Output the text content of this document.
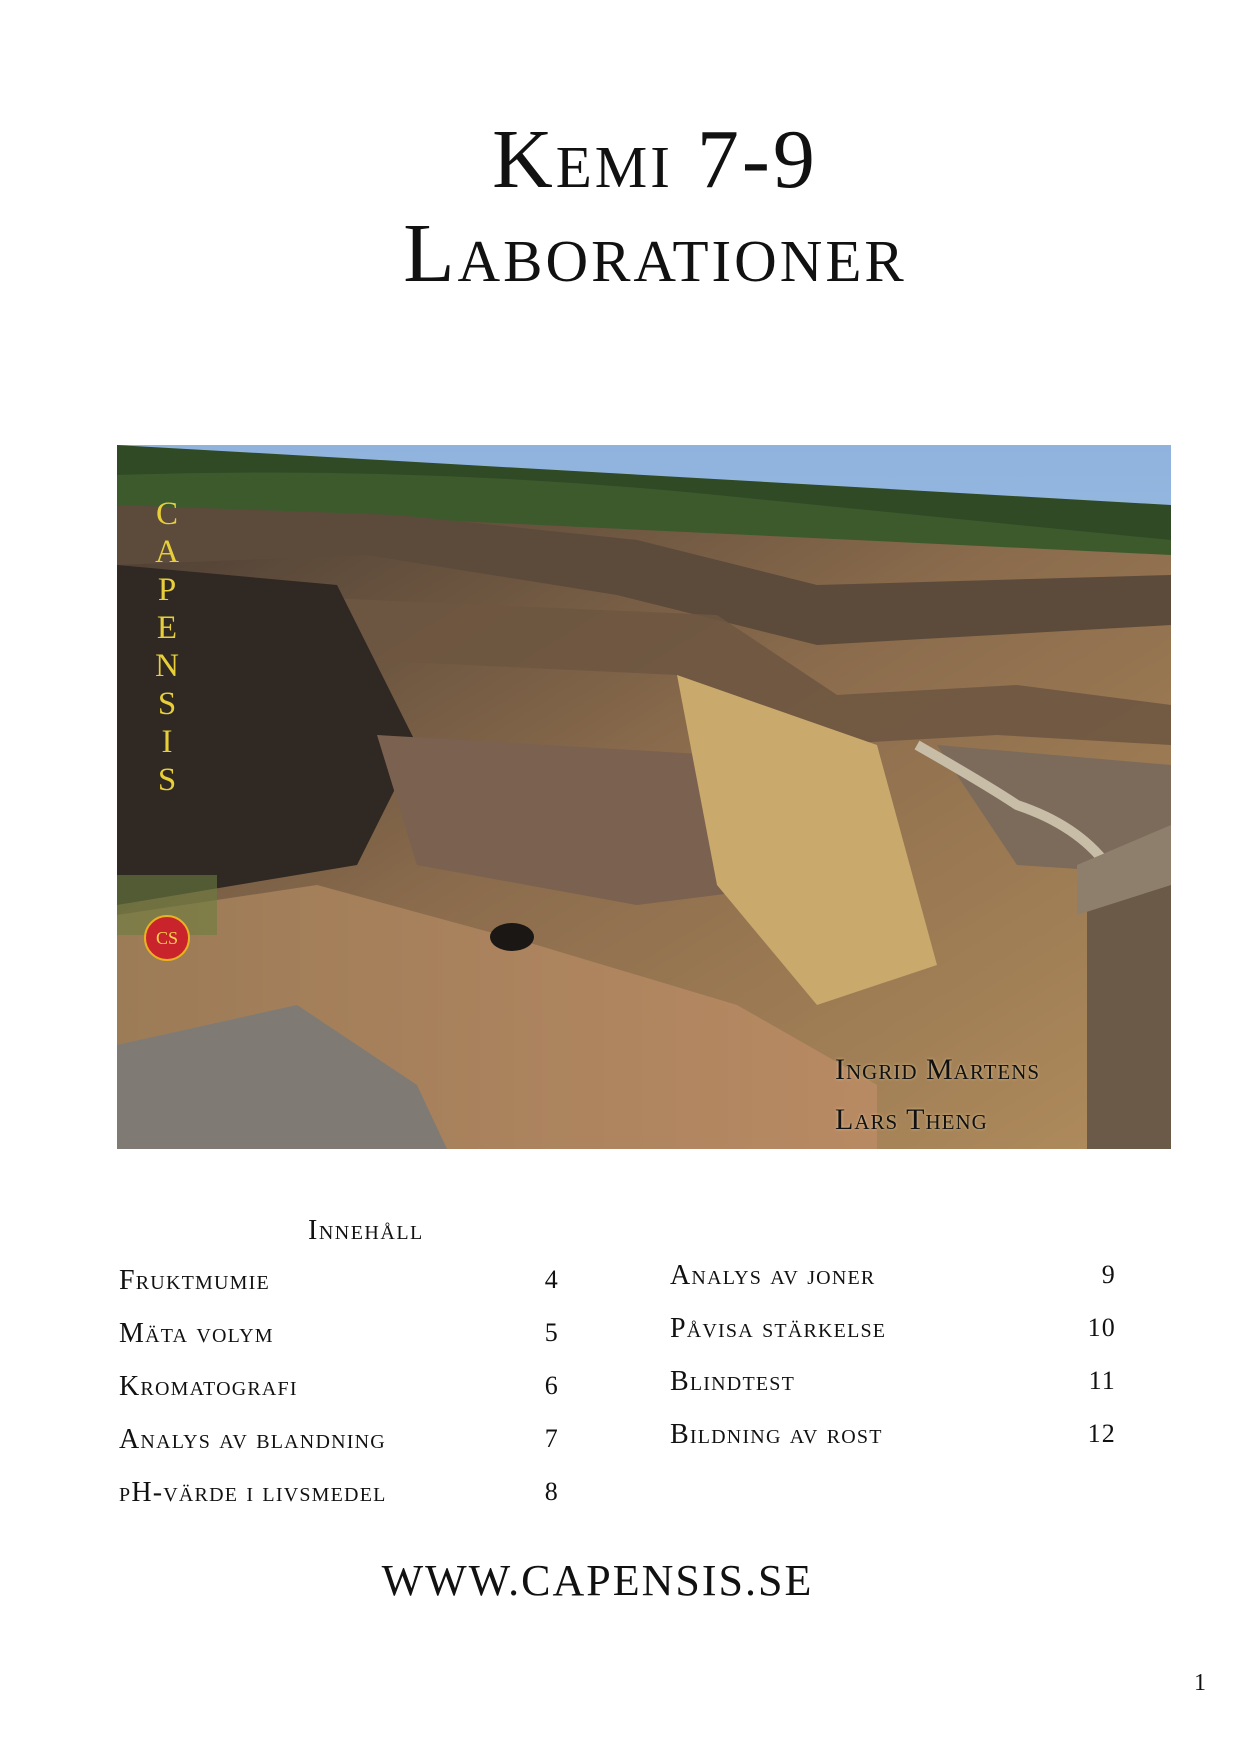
Kemi 7-9
Laborationer
C
A
P
E
N
S
I
S
CS
Ingrid Martens
Lars Theng
Innehåll
Fruktmumie	4
Mäta volym	5
Kromatografi	6
Analys av blandning	7
pH-värde i livsmedel	8
Analys av joner	9
Påvisa stärkelse	10
Blindtest	11
Bildning av rost	12
WWW.CAPENSIS.SE
1
